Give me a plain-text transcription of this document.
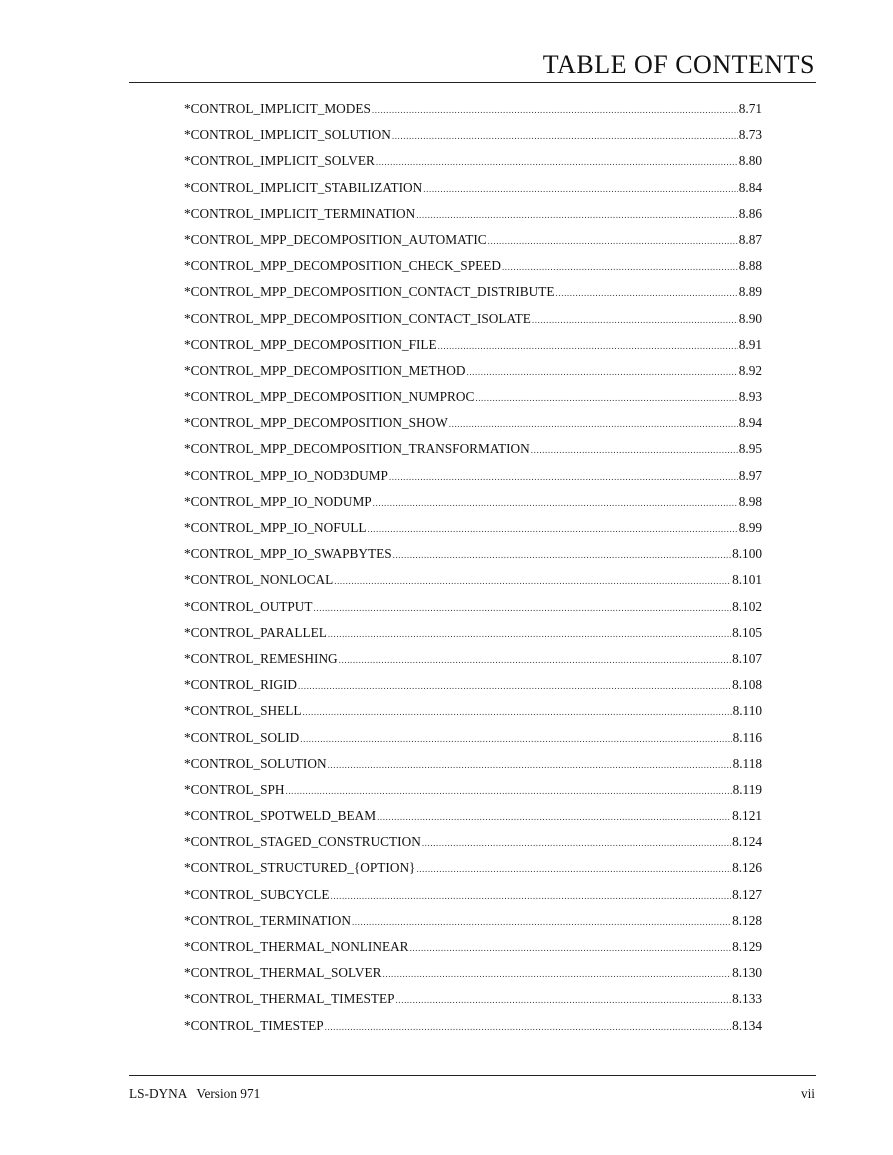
TABLE OF CONTENTS
*CONTROL_IMPLICIT_MODES .....	8.71
*CONTROL_IMPLICIT_SOLUTION .....	8.73
*CONTROL_IMPLICIT_SOLVER .....	8.80
*CONTROL_IMPLICIT_STABILIZATION .....	8.84
*CONTROL_IMPLICIT_TERMINATION .....	8.86
*CONTROL_MPP_DECOMPOSITION_AUTOMATIC .....	8.87
*CONTROL_MPP_DECOMPOSITION_CHECK_SPEED .....	8.88
*CONTROL_MPP_DECOMPOSITION_CONTACT_DISTRIBUTE .....	8.89
*CONTROL_MPP_DECOMPOSITION_CONTACT_ISOLATE .....	8.90
*CONTROL_MPP_DECOMPOSITION_FILE .....	8.91
*CONTROL_MPP_DECOMPOSITION_METHOD .....	8.92
*CONTROL_MPP_DECOMPOSITION_NUMPROC .....	8.93
*CONTROL_MPP_DECOMPOSITION_SHOW .....	8.94
*CONTROL_MPP_DECOMPOSITION_TRANSFORMATION .....	8.95
*CONTROL_MPP_IO_NOD3DUMP .....	8.97
*CONTROL_MPP_IO_NODUMP .....	8.98
*CONTROL_MPP_IO_NOFULL .....	8.99
*CONTROL_MPP_IO_SWAPBYTES .....	8.100
*CONTROL_NONLOCAL .....	8.101
*CONTROL_OUTPUT .....	8.102
*CONTROL_PARALLEL .....	8.105
*CONTROL_REMESHING .....	8.107
*CONTROL_RIGID .....	8.108
*CONTROL_SHELL .....	8.110
*CONTROL_SOLID .....	8.116
*CONTROL_SOLUTION .....	8.118
*CONTROL_SPH .....	8.119
*CONTROL_SPOTWELD_BEAM .....	8.121
*CONTROL_STAGED_CONSTRUCTION .....	8.124
*CONTROL_STRUCTURED_{OPTION} .....	8.126
*CONTROL_SUBCYCLE .....	8.127
*CONTROL_TERMINATION .....	8.128
*CONTROL_THERMAL_NONLINEAR .....	8.129
*CONTROL_THERMAL_SOLVER .....	8.130
*CONTROL_THERMAL_TIMESTEP .....	8.133
*CONTROL_TIMESTEP .....	8.134
LS-DYNA   Version 971	vii
